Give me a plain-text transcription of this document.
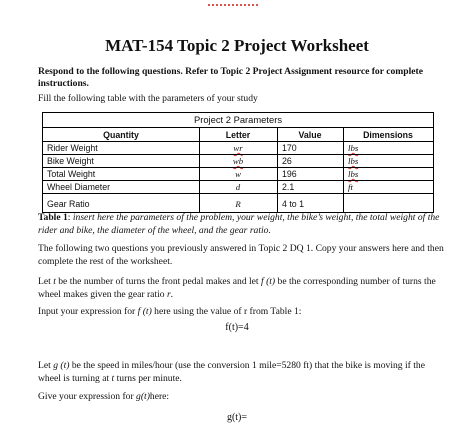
MAT-154 Topic 2 Project Worksheet
Respond to the following questions. Refer to Topic 2 Project Assignment resource for complete instructions.
Fill the following table with the parameters of your study
Project 2 Parameters
Quantity	Letter	Value	Dimensions
Rider Weight	wr	170	lbs
Bike Weight	wb	26	lbs
Total Weight	w	196	lbs
Wheel Diameter	d	2.1	ft
Gear Ratio	R	4 to 1
Table 1: insert here the parameters of the problem, your weight, the bike’s weight, the total weight of the rider and bike, the diameter of the wheel, and the gear ratio.
The following two questions you previously answered in Topic 2 DQ 1. Copy your answers here and then complete the rest of the worksheet.
Let t be the number of turns the front pedal makes and let f (t) be the corresponding number of turns the wheel makes given the gear ratio r.
Input your expression for f (t) here using the value of r from Table 1:
f(t)=4
Let g (t) be the speed in miles/hour (use the conversion 1 mile=5280 ft) that the bike is moving if the wheel is turning at t turns per minute.
Give your expression for g(t)here:
g(t)=
